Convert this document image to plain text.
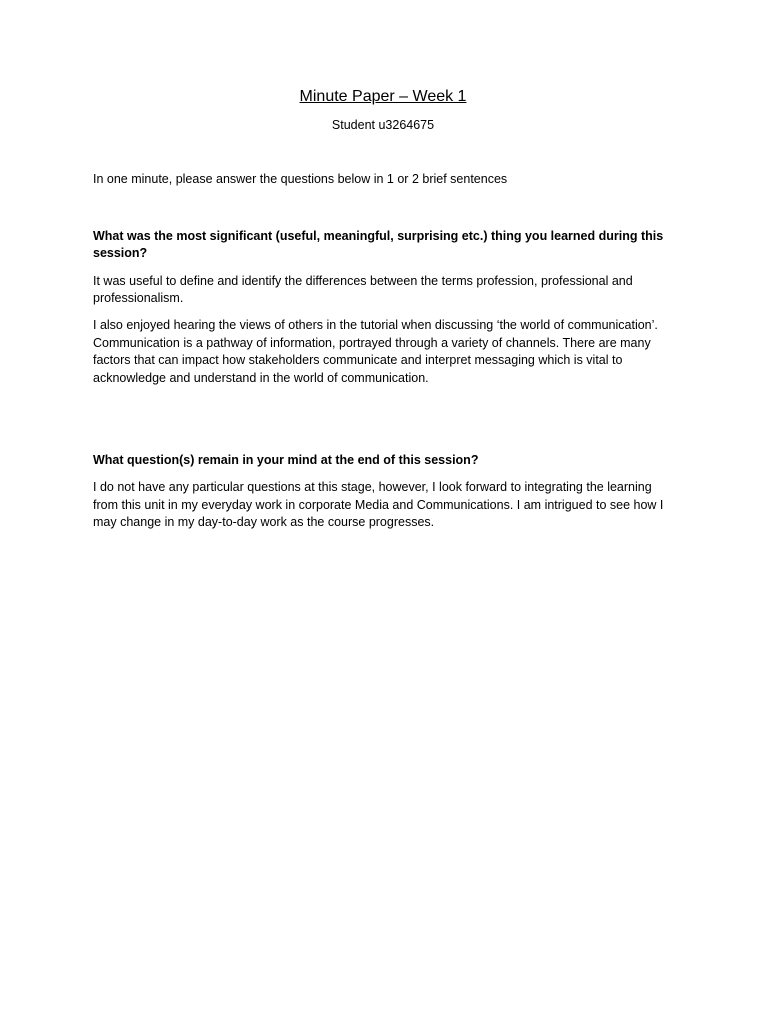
Minute Paper – Week 1
Student u3264675

In one minute, please answer the questions below in 1 or 2 brief sentences

What was the most significant (useful, meaningful, surprising etc.) thing you learned during this session?

It was useful to define and identify the differences between the terms profession, professional and professionalism.

I also enjoyed hearing the views of others in the tutorial when discussing ‘the world of communication’. Communication is a pathway of information, portrayed through a variety of channels. There are many factors that can impact how stakeholders communicate and interpret messaging which is vital to acknowledge and understand in the world of communication.

What question(s) remain in your mind at the end of this session?

I do not have any particular questions at this stage, however, I look forward to integrating the learning from this unit in my everyday work in corporate Media and Communications. I am intrigued to see how I may change in my day-to-day work as the course progresses.
